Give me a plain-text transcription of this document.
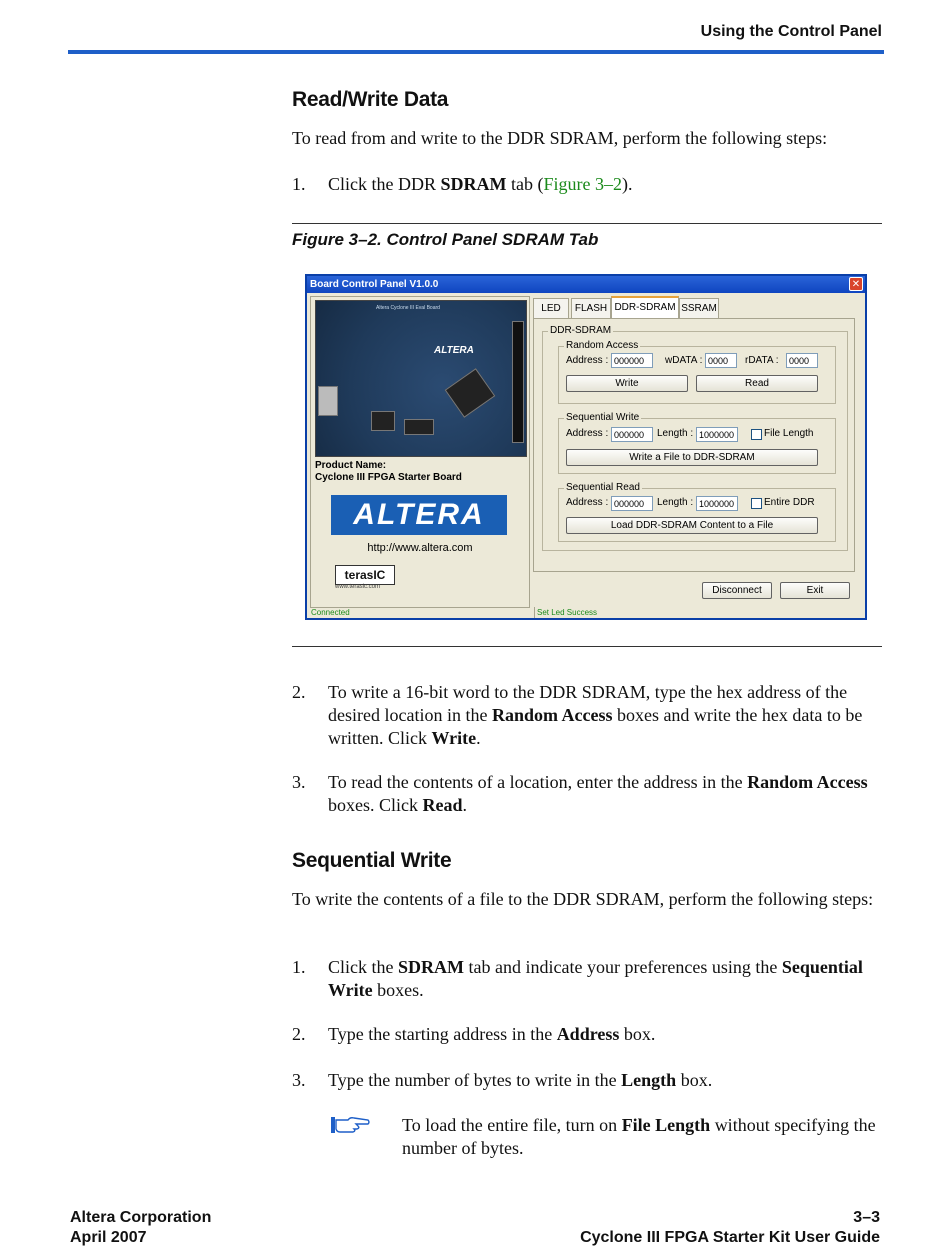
Using the Control Panel
Read/Write Data
To read from and write to the DDR SDRAM, perform the following steps:
1. Click the DDR SDRAM tab (Figure 3–2).
Figure 3–2. Control Panel SDRAM Tab
Board Control Panel V1.0.0	✕
Altera Cyclone III Eval Board
ALTERA
Product Name:
Cyclone III FPGA Starter Board
ALTERA
http://www.altera.com
terasIC
www.terasic.com
LED	FLASH DDR-SDRAM SSRAM
DDR-SDRAM
Random Access
Address : 000000	wDATA : 0000	rDATA :	0000
Write	Read
Sequential Write
Address : 000000	Length : 1000000	File Length
Write a File to DDR-SDRAM
Sequential Read
Address : 000000	Length : 1000000	Entire DDR
Load DDR-SDRAM Content to a File
Disconnect	Exit
Connected	Set Led Success
2. To write a 16-bit word to the DDR SDRAM, type the hex address of the desired location in the Random Access boxes and write the hex data to be written. Click Write.
3. To read the contents of a location, enter the address in the Random Access boxes. Click Read.
Sequential Write
To write the contents of a file to the DDR SDRAM, perform the following steps:
1. Click the SDRAM tab and indicate your preferences using the Sequential Write boxes.
2. Type the starting address in the Address box.
3. Type the number of bytes to write in the Length box.
To load the entire file, turn on File Length without specifying the number of bytes.
Altera Corporation
April 2007
3–3
Cyclone III FPGA Starter Kit User Guide
